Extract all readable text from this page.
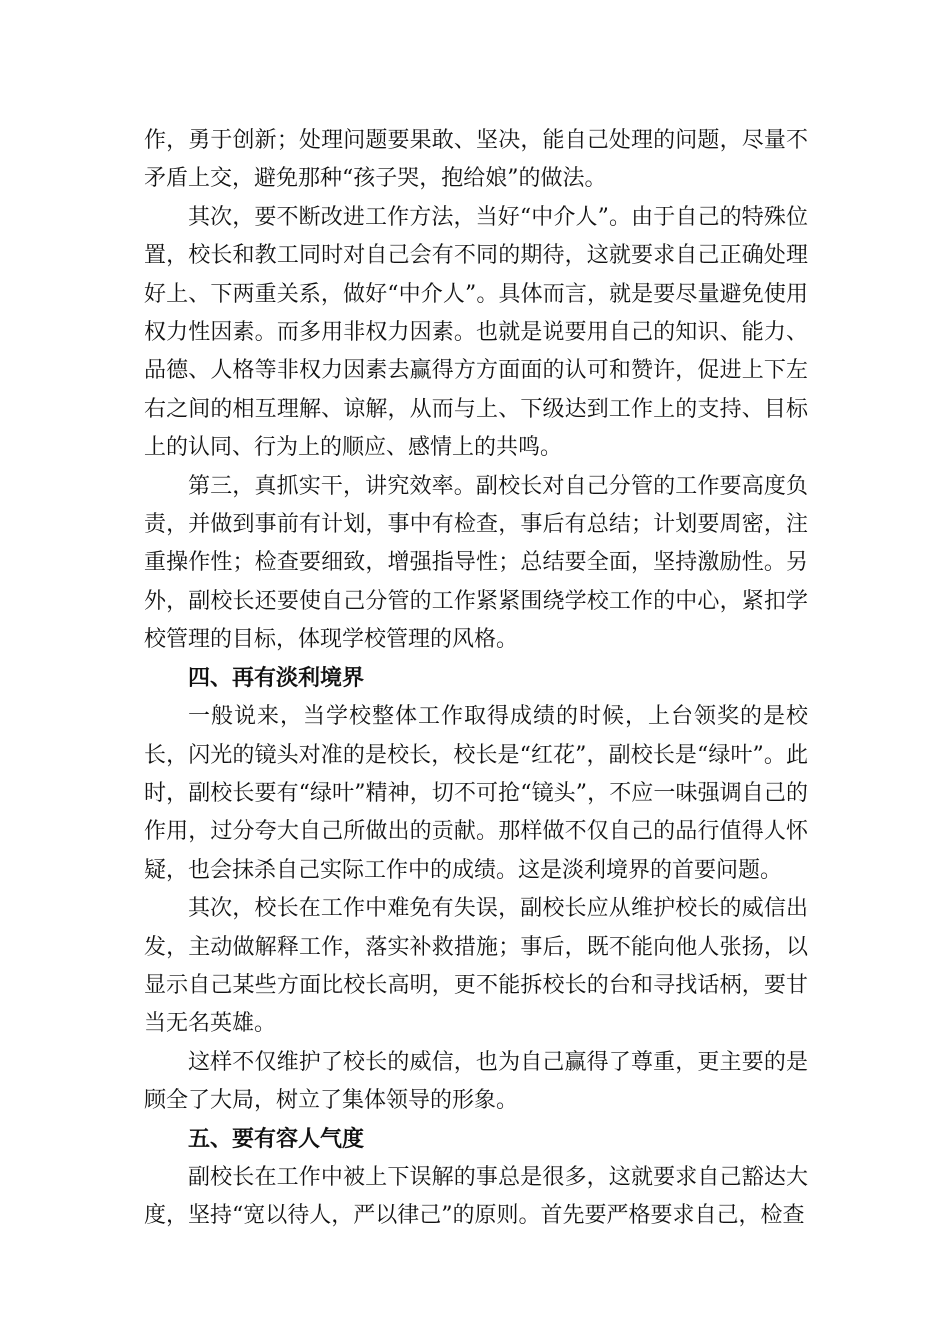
作，勇于创新；处理问题要果敢、坚决，能自己处理的问题，尽量不矛盾上交，避免那种“孩子哭，抱给娘”的做法。

其次，要不断改进工作方法，当好“中介人”。由于自己的特殊位置，校长和教工同时对自己会有不同的期待，这就要求自己正确处理好上、下两重关系，做好“中介人”。具体而言，就是要尽量避免使用权力性因素。而多用非权力因素。也就是说要用自己的知识、能力、品德、人格等非权力因素去赢得方方面面的认可和赞许，促进上下左右之间的相互理解、谅解，从而与上、下级达到工作上的支持、目标上的认同、行为上的顺应、感情上的共鸣。

第三，真抓实干，讲究效率。副校长对自己分管的工作要高度负责，并做到事前有计划，事中有检查，事后有总结；计划要周密，注重操作性；检查要细致，增强指导性；总结要全面，坚持激励性。另外，副校长还要使自己分管的工作紧紧围绕学校工作的中心，紧扣学校管理的目标，体现学校管理的风格。

四、再有淡利境界

一般说来，当学校整体工作取得成绩的时候，上台领奖的是校长，闪光的镜头对准的是校长，校长是“红花”，副校长是“绿叶”。此时，副校长要有“绿叶”精神，切不可抢“镜头”，不应一味强调自己的作用，过分夸大自己所做出的贡献。那样做不仅自己的品行值得人怀疑，也会抹杀自己实际工作中的成绩。这是淡利境界的首要问题。

其次，校长在工作中难免有失误，副校长应从维护校长的威信出发，主动做解释工作，落实补救措施；事后，既不能向他人张扬，以显示自己某些方面比校长高明，更不能拆校长的台和寻找话柄，要甘当无名英雄。

这样不仅维护了校长的威信，也为自己赢得了尊重，更主要的是顾全了大局，树立了集体领导的形象。

五、要有容人气度

副校长在工作中被上下误解的事总是很多，这就要求自己豁达大度，坚持“宽以待人，严以律己”的原则。首先要严格要求自己，检查
